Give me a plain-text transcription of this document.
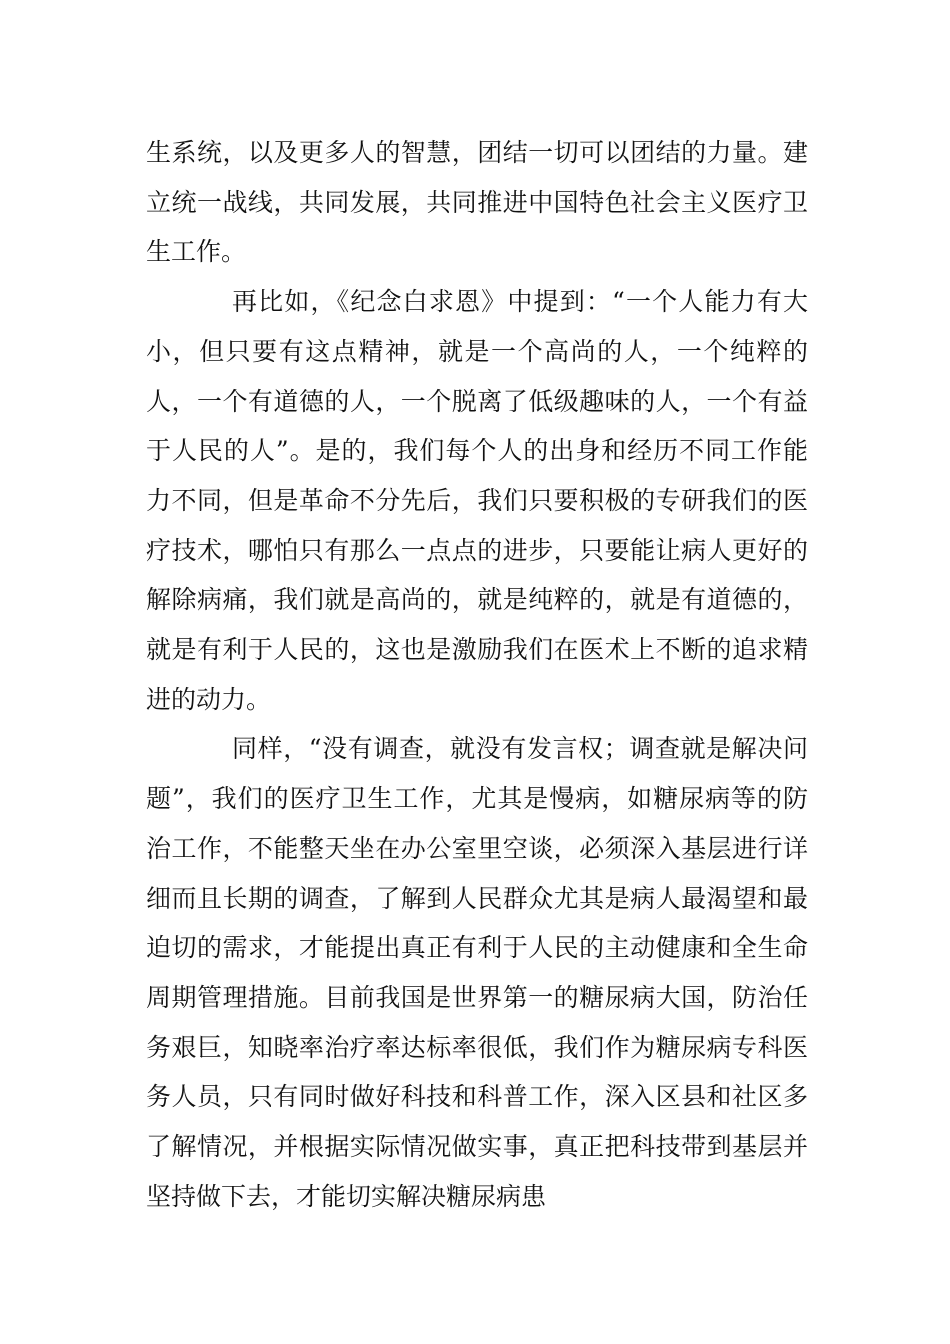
生系统，以及更多人的智慧，团结一切可以团结的力量。建立统一战线，共同发展，共同推进中国特色社会主义医疗卫生工作。

再比如，《纪念白求恩》中提到：“一个人能力有大小，但只要有这点精神，就是一个高尚的人，一个纯粹的人，一个有道德的人，一个脱离了低级趣味的人，一个有益于人民的人”。是的，我们每个人的出身和经历不同工作能力不同，但是革命不分先后，我们只要积极的专研我们的医疗技术，哪怕只有那么一点点的进步，只要能让病人更好的解除病痛，我们就是高尚的，就是纯粹的，就是有道德的，就是有利于人民的，这也是激励我们在医术上不断的追求精进的动力。

同样，“没有调查，就没有发言权；调查就是解决问题”，我们的医疗卫生工作，尤其是慢病，如糖尿病等的防治工作，不能整天坐在办公室里空谈，必须深入基层进行详细而且长期的调查，了解到人民群众尤其是病人最渴望和最迫切的需求，才能提出真正有利于人民的主动健康和全生命周期管理措施。目前我国是世界第一的糖尿病大国，防治任务艰巨，知晓率治疗率达标率很低，我们作为糖尿病专科医务人员，只有同时做好科技和科普工作，深入区县和社区多了解情况，并根据实际情况做实事，真正把科技带到基层并坚持做下去，才能切实解决糖尿病患
